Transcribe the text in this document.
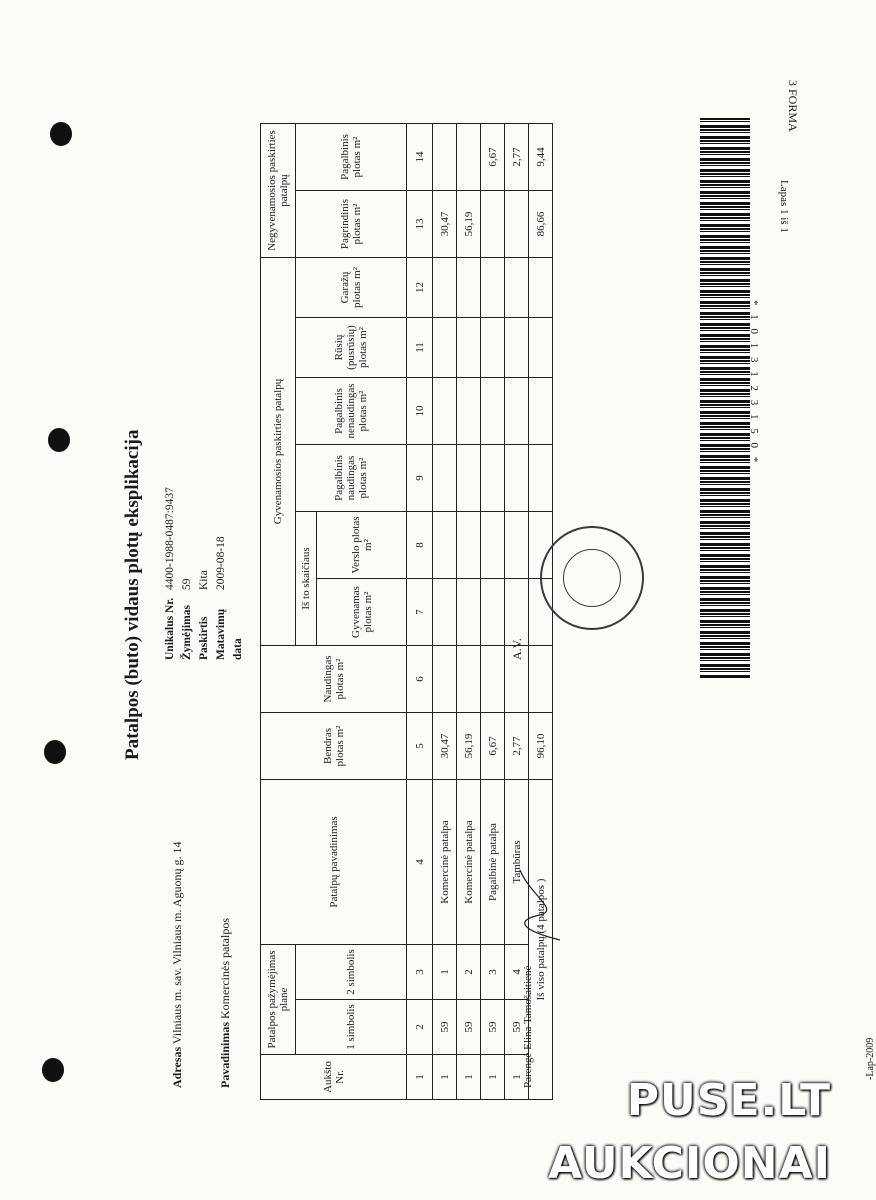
3 FORMA
Patalpos (buto) vidaus plotų eksplikacija
Adresas Vilniaus m. sav. Vilniaus m. Aguonų g. 14
Pavadinimas Komercinės patalpos
Unikalus Nr.
4400-1988-0487:9437
Žymėjimas
59
Paskirtis
Kita
Matavimų data
2009-08-18
Aukšto Nr.	Patalpos pažymėjimas plane		Patalpų pavadinimas	Bendras plotas m²	Naudingas plotas m²	Gyvenamosios paskirties patalpų						Negyvenamosios paskirties patalpų	
	1 simbolis	2 simbolis				Iš to skaičiaus		Pagalbinis naudingas plotas m²	Pagalbinis nenaudingas plotas m²	Rūsių (pusrūsių) plotas m²	Garažų plotas m²	Pagrindinis plotas m²	Pagalbinis plotas m²
						Gyvenamas plotas m²	Verslo plotas m²						
1	2	3	4	5	6	7	8	9	10	11	12	13	14
1	59	1	Komercinė patalpa	30,47								30,47	
1	59	2	Komercinė patalpa	56,19								56,19	
1	59	3	Pagalbinė patalpa	6,67									6,67
1	59	4	Tambūras	2,77									2,77
Iš viso patalpų (4 patalpos )				96,10								86,66	9,44
Parengė Elina Tamošaitienė
A.V.
-Lap-2009
* 1 0 1 3 1 2 3 1 5 0 *
Lapas 1 iš 1
PUSE.LT
AUKCIONAI
